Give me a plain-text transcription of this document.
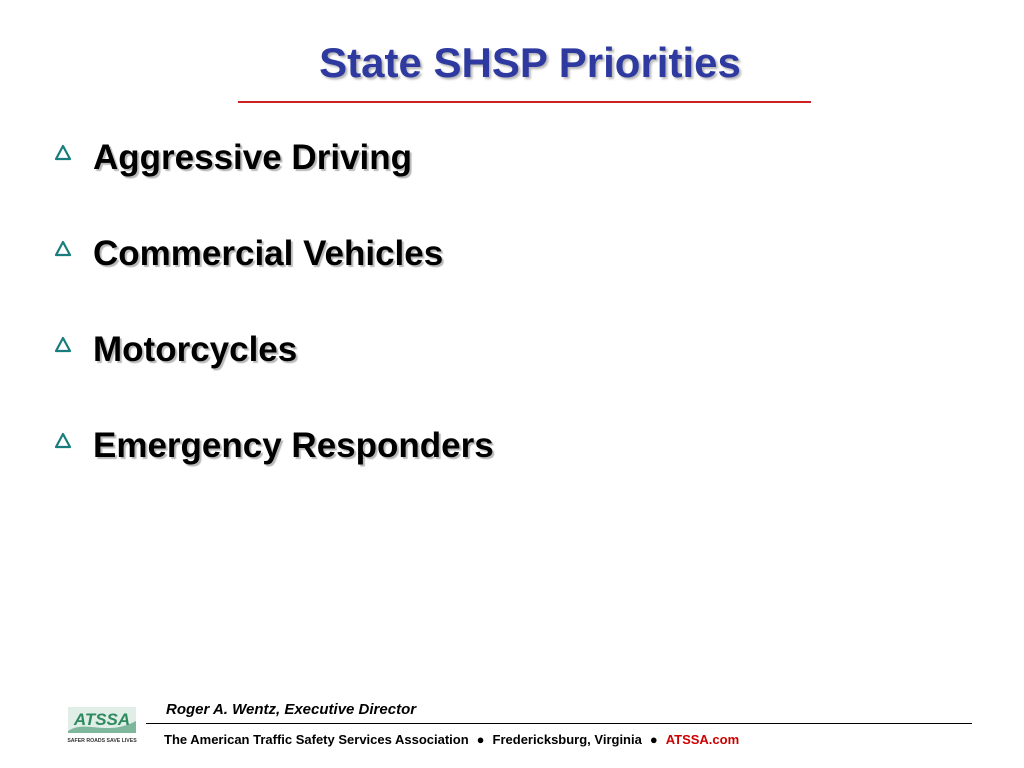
State SHSP Priorities
Aggressive Driving
Commercial Vehicles
Motorcycles
Emergency Responders
ATSSA
SAFER ROADS SAVE LIVES
Roger A. Wentz, Executive Director
The American Traffic Safety Services Association ● Fredericksburg, Virginia ● ATSSA.com
